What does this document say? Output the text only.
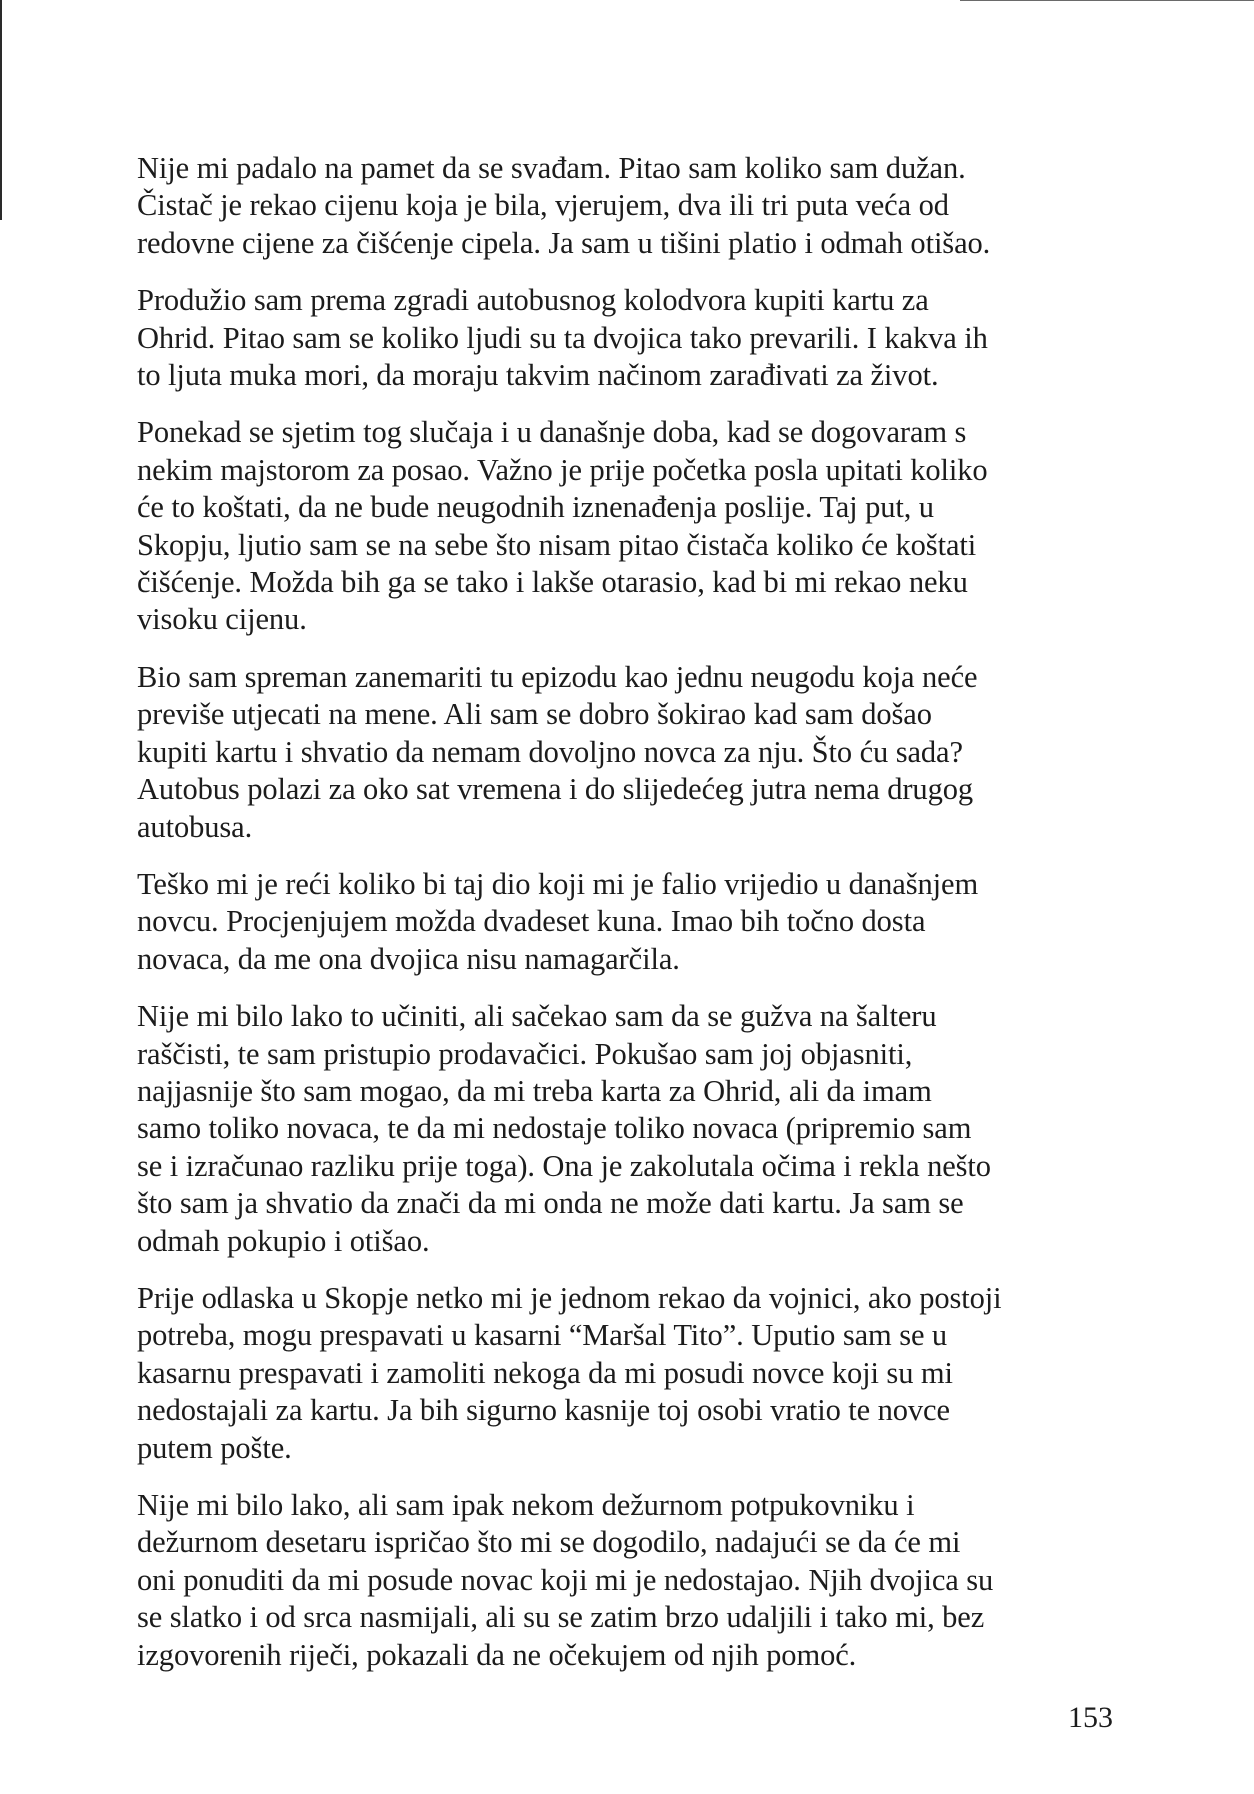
Nije mi padalo na pamet da se svađam. Pitao sam koliko sam dužan.
Čistač je rekao cijenu koja je bila, vjerujem, dva ili tri puta veća od
redovne cijene za čišćenje cipela. Ja sam u tišini platio i odmah otišao.

Produžio sam prema zgradi autobusnog kolodvora kupiti kartu za
Ohrid. Pitao sam se koliko ljudi su ta dvojica tako prevarili. I kakva ih
to ljuta muka mori, da moraju takvim načinom zarađivati za život.

Ponekad se sjetim tog slučaja i u današnje doba, kad se dogovaram s
nekim majstorom za posao. Važno je prije početka posla upitati koliko
će to koštati, da ne bude neugodnih iznenađenja poslije. Taj put, u
Skopju, ljutio sam se na sebe što nisam pitao čistača koliko će koštati
čišćenje. Možda bih ga se tako i lakše otarasio, kad bi mi rekao neku
visoku cijenu.

Bio sam spreman zanemariti tu epizodu kao jednu neugodu koja neće
previše utjecati na mene. Ali sam se dobro šokirao kad sam došao
kupiti kartu i shvatio da nemam dovoljno novca za nju. Što ću sada?
Autobus polazi za oko sat vremena i do slijedećeg jutra nema drugog
autobusa.

Teško mi je reći koliko bi taj dio koji mi je falio vrijedio u današnjem
novcu. Procjenjujem možda dvadeset kuna. Imao bih točno dosta
novaca, da me ona dvojica nisu namagarčila.

Nije mi bilo lako to učiniti, ali sačekao sam da se gužva na šalteru
raščisti, te sam pristupio prodavačici. Pokušao sam joj objasniti,
najjasnije što sam mogao, da mi treba karta za Ohrid, ali da imam
samo toliko novaca, te da mi nedostaje toliko novaca (pripremio sam
se i izračunao razliku prije toga). Ona je zakolutala očima i rekla nešto
što sam ja shvatio da znači da mi onda ne može dati kartu. Ja sam se
odmah pokupio i otišao.

Prije odlaska u Skopje netko mi je jednom rekao da vojnici, ako postoji
potreba, mogu prespavati u kasarni “Maršal Tito”. Uputio sam se u
kasarnu prespavati i zamoliti nekoga da mi posudi novce koji su mi
nedostajali za kartu. Ja bih sigurno kasnije toj osobi vratio te novce
putem pošte.

Nije mi bilo lako, ali sam ipak nekom dežurnom potpukovniku i
dežurnom desetaru ispričao što mi se dogodilo, nadajući se da će mi
oni ponuditi da mi posude novac koji mi je nedostajao. Njih dvojica su
se slatko i od srca nasmijali, ali su se zatim brzo udaljili i tako mi, bez
izgovorenih riječi, pokazali da ne očekujem od njih pomoć.

153
